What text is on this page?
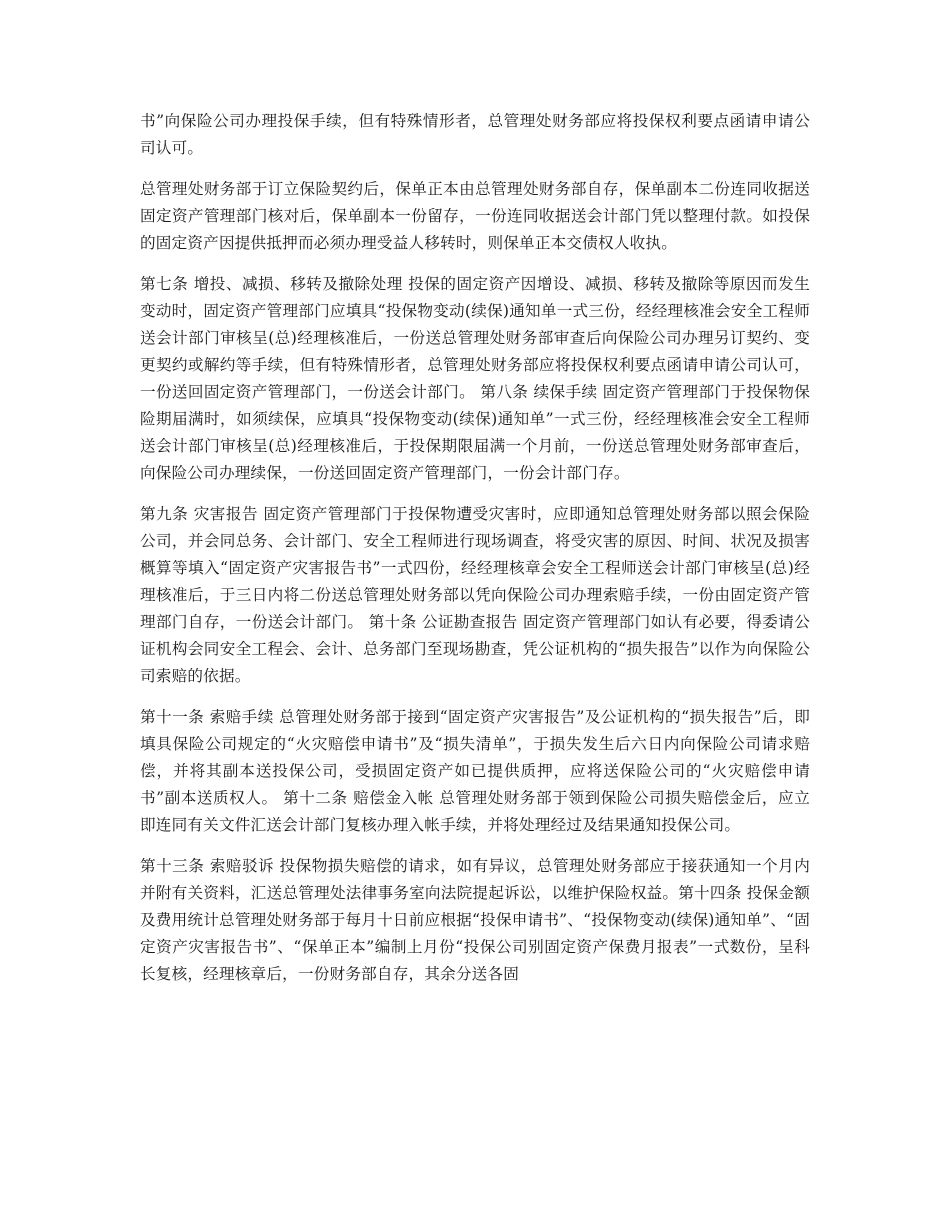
书”向保险公司办理投保手续，但有特殊情形者，总管理处财务部应将投保权利要点函请申请公司认可。

总管理处财务部于订立保险契约后，保单正本由总管理处财务部自存，保单副本二份连同收据送固定资产管理部门核对后，保单副本一份留存，一份连同收据送会计部门凭以整理付款。如投保的固定资产因提供抵押而必须办理受益人移转时，则保单正本交债权人收执。

第七条 增投、减损、移转及撤除处理 投保的固定资产因增设、减损、移转及撤除等原因而发生变动时，固定资产管理部门应填具“投保物变动(续保)通知单一式三份，经经理核准会安全工程师送会计部门审核呈(总)经理核准后，一份送总管理处财务部审查后向保险公司办理另订契约、变更契约或解约等手续，但有特殊情形者，总管理处财务部应将投保权利要点函请申请公司认可，一份送回固定资产管理部门，一份送会计部门。 第八条 续保手续 固定资产管理部门于投保物保险期届满时，如须续保，应填具“投保物变动(续保)通知单”一式三份，经经理核准会安全工程师送会计部门审核呈(总)经理核准后，于投保期限届满一个月前，一份送总管理处财务部审查后，向保险公司办理续保，一份送回固定资产管理部门，一份会计部门存。

第九条 灾害报告 固定资产管理部门于投保物遭受灾害时，应即通知总管理处财务部以照会保险公司，并会同总务、会计部门、安全工程师进行现场调查，将受灾害的原因、时间、状况及损害概算等填入“固定资产灾害报告书”一式四份，经经理核章会安全工程师送会计部门审核呈(总)经理核准后，于三日内将二份送总管理处财务部以凭向保险公司办理索赔手续，一份由固定资产管理部门自存，一份送会计部门。 第十条 公证勘查报告 固定资产管理部门如认有必要，得委请公证机构会同安全工程会、会计、总务部门至现场勘查，凭公证机构的“损失报告”以作为向保险公司索赔的依据。

第十一条 索赔手续 总管理处财务部于接到“固定资产灾害报告”及公证机构的“损失报告”后，即填具保险公司规定的“火灾赔偿申请书”及“损失清单”，于损失发生后六日内向保险公司请求赔偿，并将其副本送投保公司，受损固定资产如已提供质押，应将送保险公司的“火灾赔偿申请书”副本送质权人。 第十二条 赔偿金入帐 总管理处财务部于领到保险公司损失赔偿金后，应立即连同有关文件汇送会计部门复核办理入帐手续，并将处理经过及结果通知投保公司。

第十三条 索赔驳诉 投保物损失赔偿的请求，如有异议，总管理处财务部应于接获通知一个月内并附有关资料，汇送总管理处法律事务室向法院提起诉讼，以维护保险权益。第十四条 投保金额及费用统计总管理处财务部于每月十日前应根据“投保申请书”、“投保物变动(续保)通知单”、“固定资产灾害报告书”、“保单正本”编制上月份“投保公司别固定资产保费月报表”一式数份，呈科长复核，经理核章后，一份财务部自存，其余分送各固
